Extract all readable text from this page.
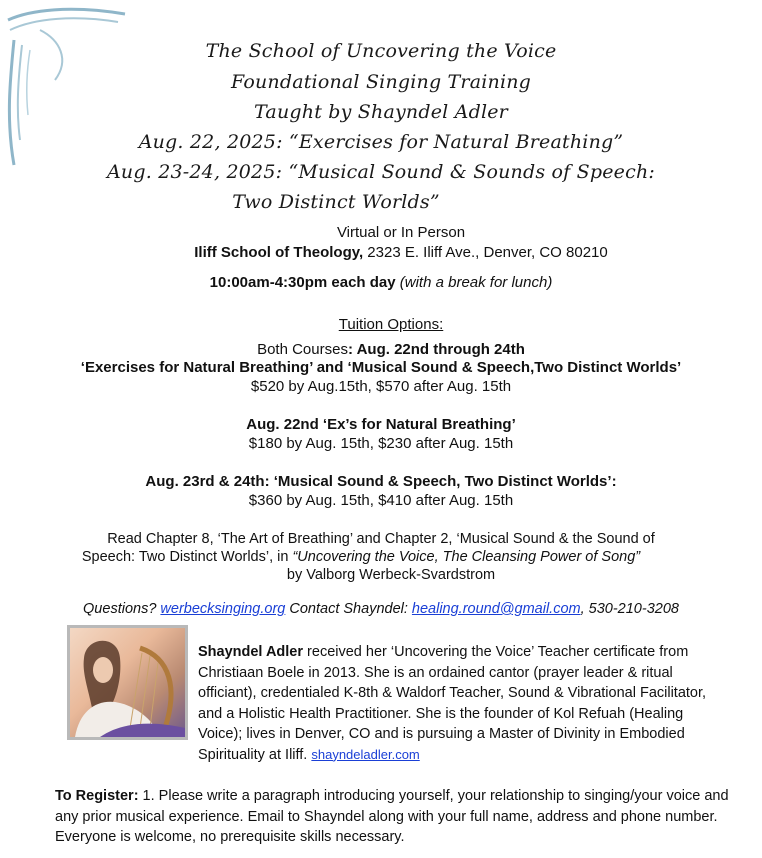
The School of Uncovering the Voice
Foundational Singing Training
Taught by Shayndel Adler
Aug. 22, 2025: “Exercises for Natural Breathing”
Aug. 23-24, 2025: “Musical Sound & Sounds of Speech:
Two Distinct Worlds”
Virtual or In Person
Iliff School of Theology, 2323 E. Iliff Ave., Denver, CO 80210
10:00am-4:30pm each day (with a break for lunch)
Tuition Options:
Both Courses: Aug. 22nd through 24th
‘Exercises for Natural Breathing’ and ‘Musical Sound & Speech,Two Distinct Worlds’
$520 by Aug.15th, $570 after Aug. 15th
Aug. 22nd ‘Ex’s for Natural Breathing’
$180 by Aug. 15th, $230 after Aug. 15th
Aug. 23rd & 24th: ‘Musical Sound & Speech, Two Distinct Worlds’:
$360 by Aug. 15th, $410 after Aug. 15th
Read Chapter 8, ‘The Art of Breathing’ and Chapter 2, ‘Musical Sound & the Sound of
Speech: Two Distinct Worlds’, in “Uncovering the Voice, The Cleansing Power of Song”
by Valborg Werbeck-Svardstrom
Questions? werbecksinging.org Contact Shayndel: healing.round@gmail.com, 530-210-3208
Shayndel Adler received her ‘Uncovering the Voice’ Teacher certificate from Christiaan Boele in 2013. She is an ordained cantor (prayer leader & ritual officiant), credentialed K-8th & Waldorf Teacher, Sound & Vibrational Facilitator, and a Holistic Health Practitioner. She is the founder of Kol Refuah (Healing Voice); lives in Denver, CO and is pursuing a Master of Divinity in Embodied Spirituality at Iliff. shayndeladler.com
To Register: 1. Please write a paragraph introducing yourself, your relationship to singing/your voice and any prior musical experience. Email to Shayndel along with your full name, address and phone number. Everyone is welcome, no prerequisite skills necessary.
